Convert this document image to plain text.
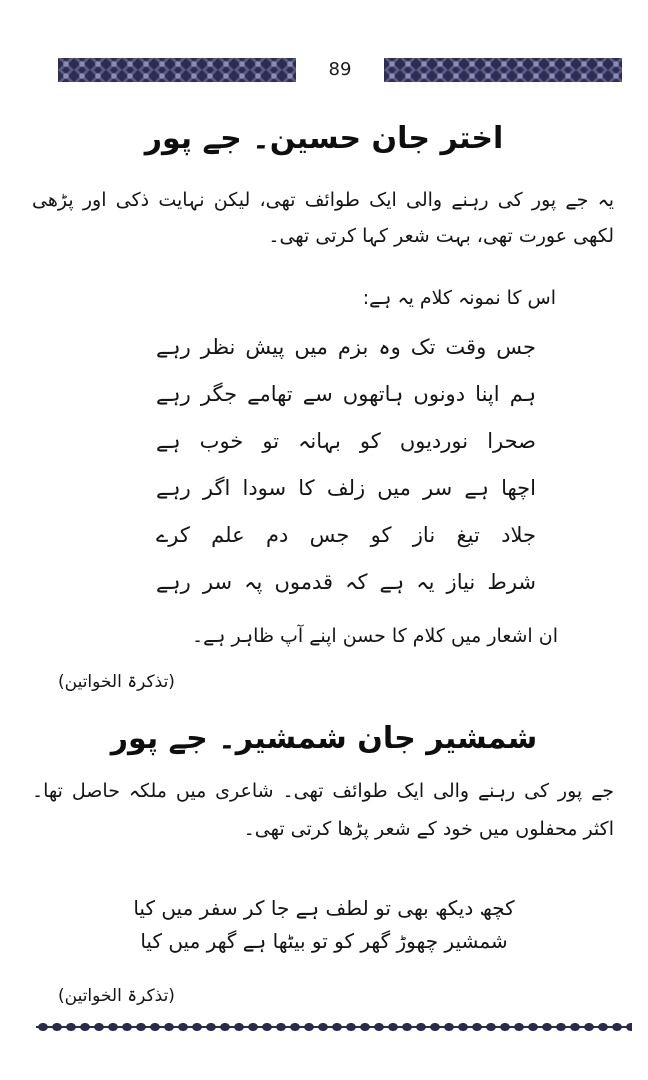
89
اختر جان حسین۔ جے پور

یہ جے پور کی رہنے والی ایک طوائف تھی، لیکن نہایت ذکی اور پڑھی لکھی عورت تھی، بہت شعر کہا کرتی تھی۔

اس کا نمونہ کلام یہ ہے:

جس وقت تک وہ بزم میں پیش نظر رہے
ہم اپنا دونوں ہاتھوں سے تھامے جگر رہے
صحرا نوردیوں کو بہانہ تو خوب ہے
اچھا ہے سر میں زلف کا سودا اگر رہے
جلاد تیغ ناز کو جس دم علم کرے
شرط نیاز یہ ہے کہ قدموں پہ سر رہے

ان اشعار میں کلام کا حسن اپنے آپ ظاہر ہے۔

(تذکرۃ الخواتین)
شمشیر جان شمشیر۔ جے پور

جے پور کی رہنے والی ایک طوائف تھی۔ شاعری میں ملکہ حاصل تھا۔ اکثر محفلوں میں خود کے شعر پڑھا کرتی تھی۔

کچھ دیکھ بھی تو لطف ہے جا کر سفر میں کیا
شمشیر چھوڑ گھر کو تو بیٹھا ہے گھر میں کیا
(تذکرۃ الخواتین)
